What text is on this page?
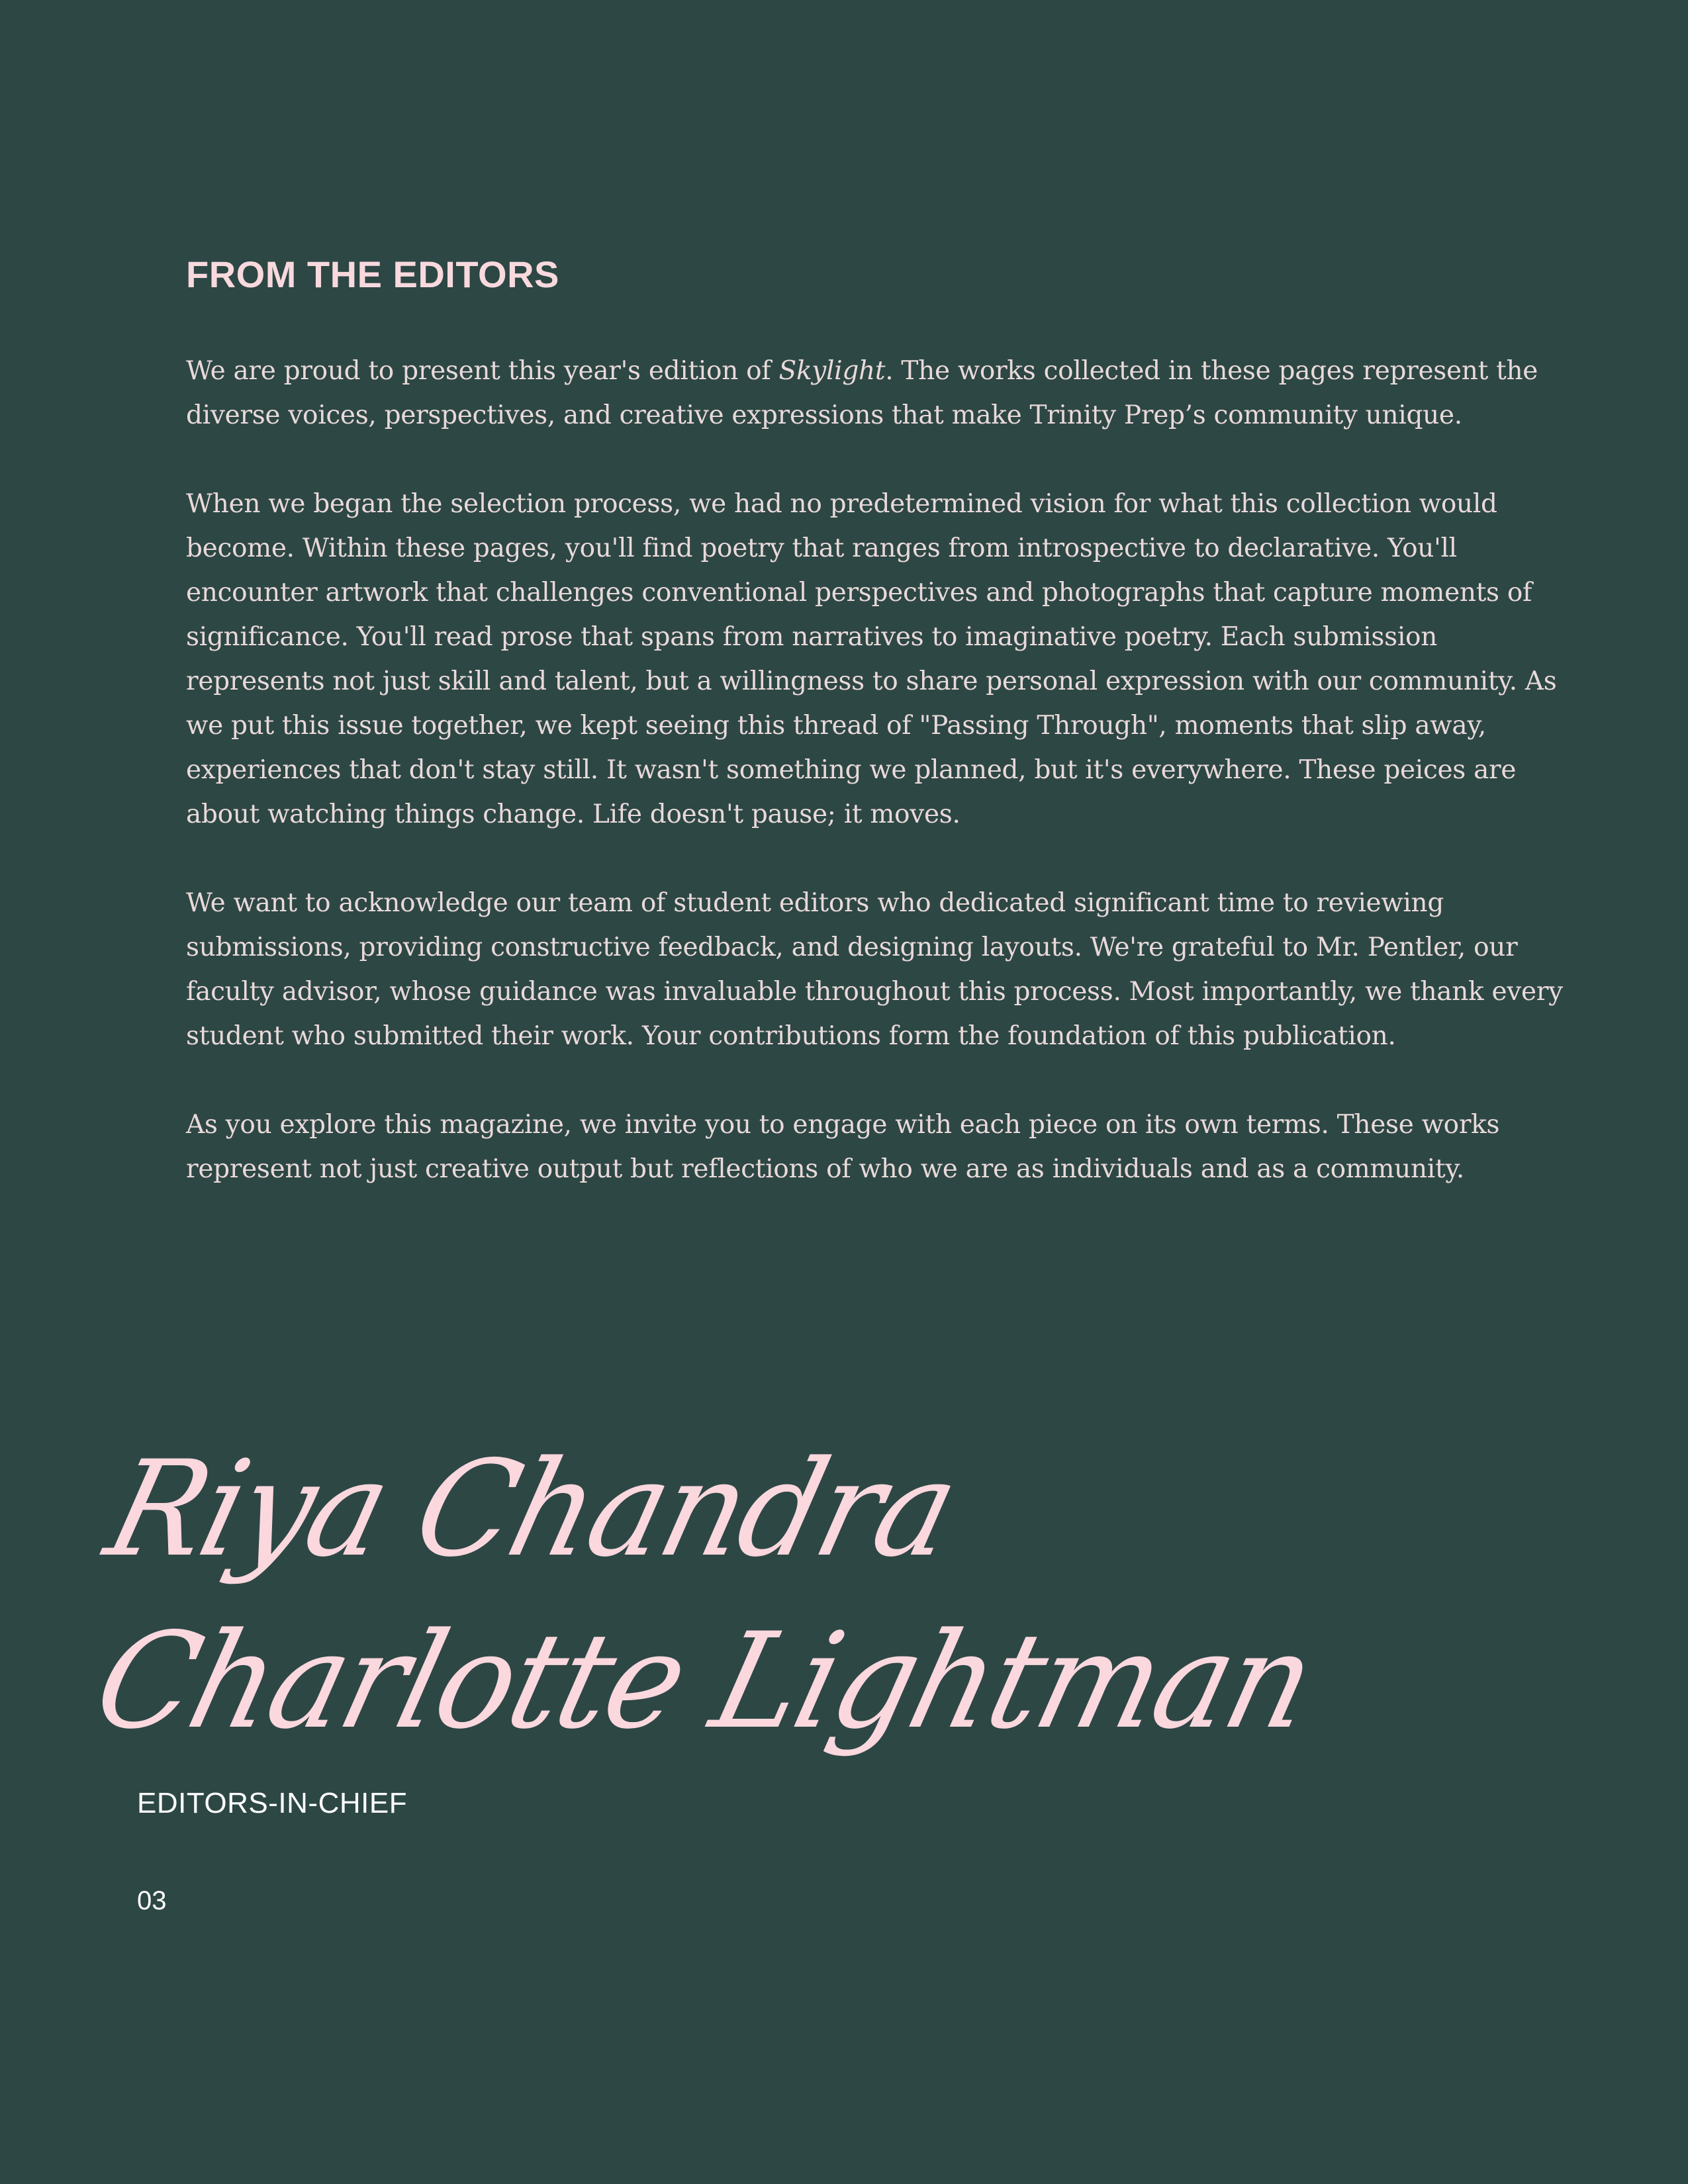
FROM THE EDITORS

We are proud to present this year's edition of Skylight. The works collected in these pages represent the diverse voices, perspectives, and creative expressions that make Trinity Prep’s community unique.

When we began the selection process, we had no predetermined vision for what this collection would become. Within these pages, you'll find poetry that ranges from introspective to declarative. You'll encounter artwork that challenges conventional perspectives and photographs that capture moments of significance. You'll read prose that spans from narratives to imaginative poetry. Each submission represents not just skill and talent, but a willingness to share personal expression with our community. As we put this issue together, we kept seeing this thread of "Passing Through", moments that slip away, experiences that don't stay still. It wasn't something we planned, but it's everywhere. These peices are about watching things change. Life doesn't pause; it moves.

We want to acknowledge our team of student editors who dedicated significant time to reviewing submissions, providing constructive feedback, and designing layouts. We're grateful to Mr. Pentler, our faculty advisor, whose guidance was invaluable throughout this process. Most importantly, we thank every student who submitted their work. Your contributions form the foundation of this publication.

As you explore this magazine, we invite you to engage with each piece on its own terms. These works represent not just creative output but reflections of who we are as individuals and as a community.

Riya Chandra
Charlotte Lightman

EDITORS-IN-CHIEF

03
